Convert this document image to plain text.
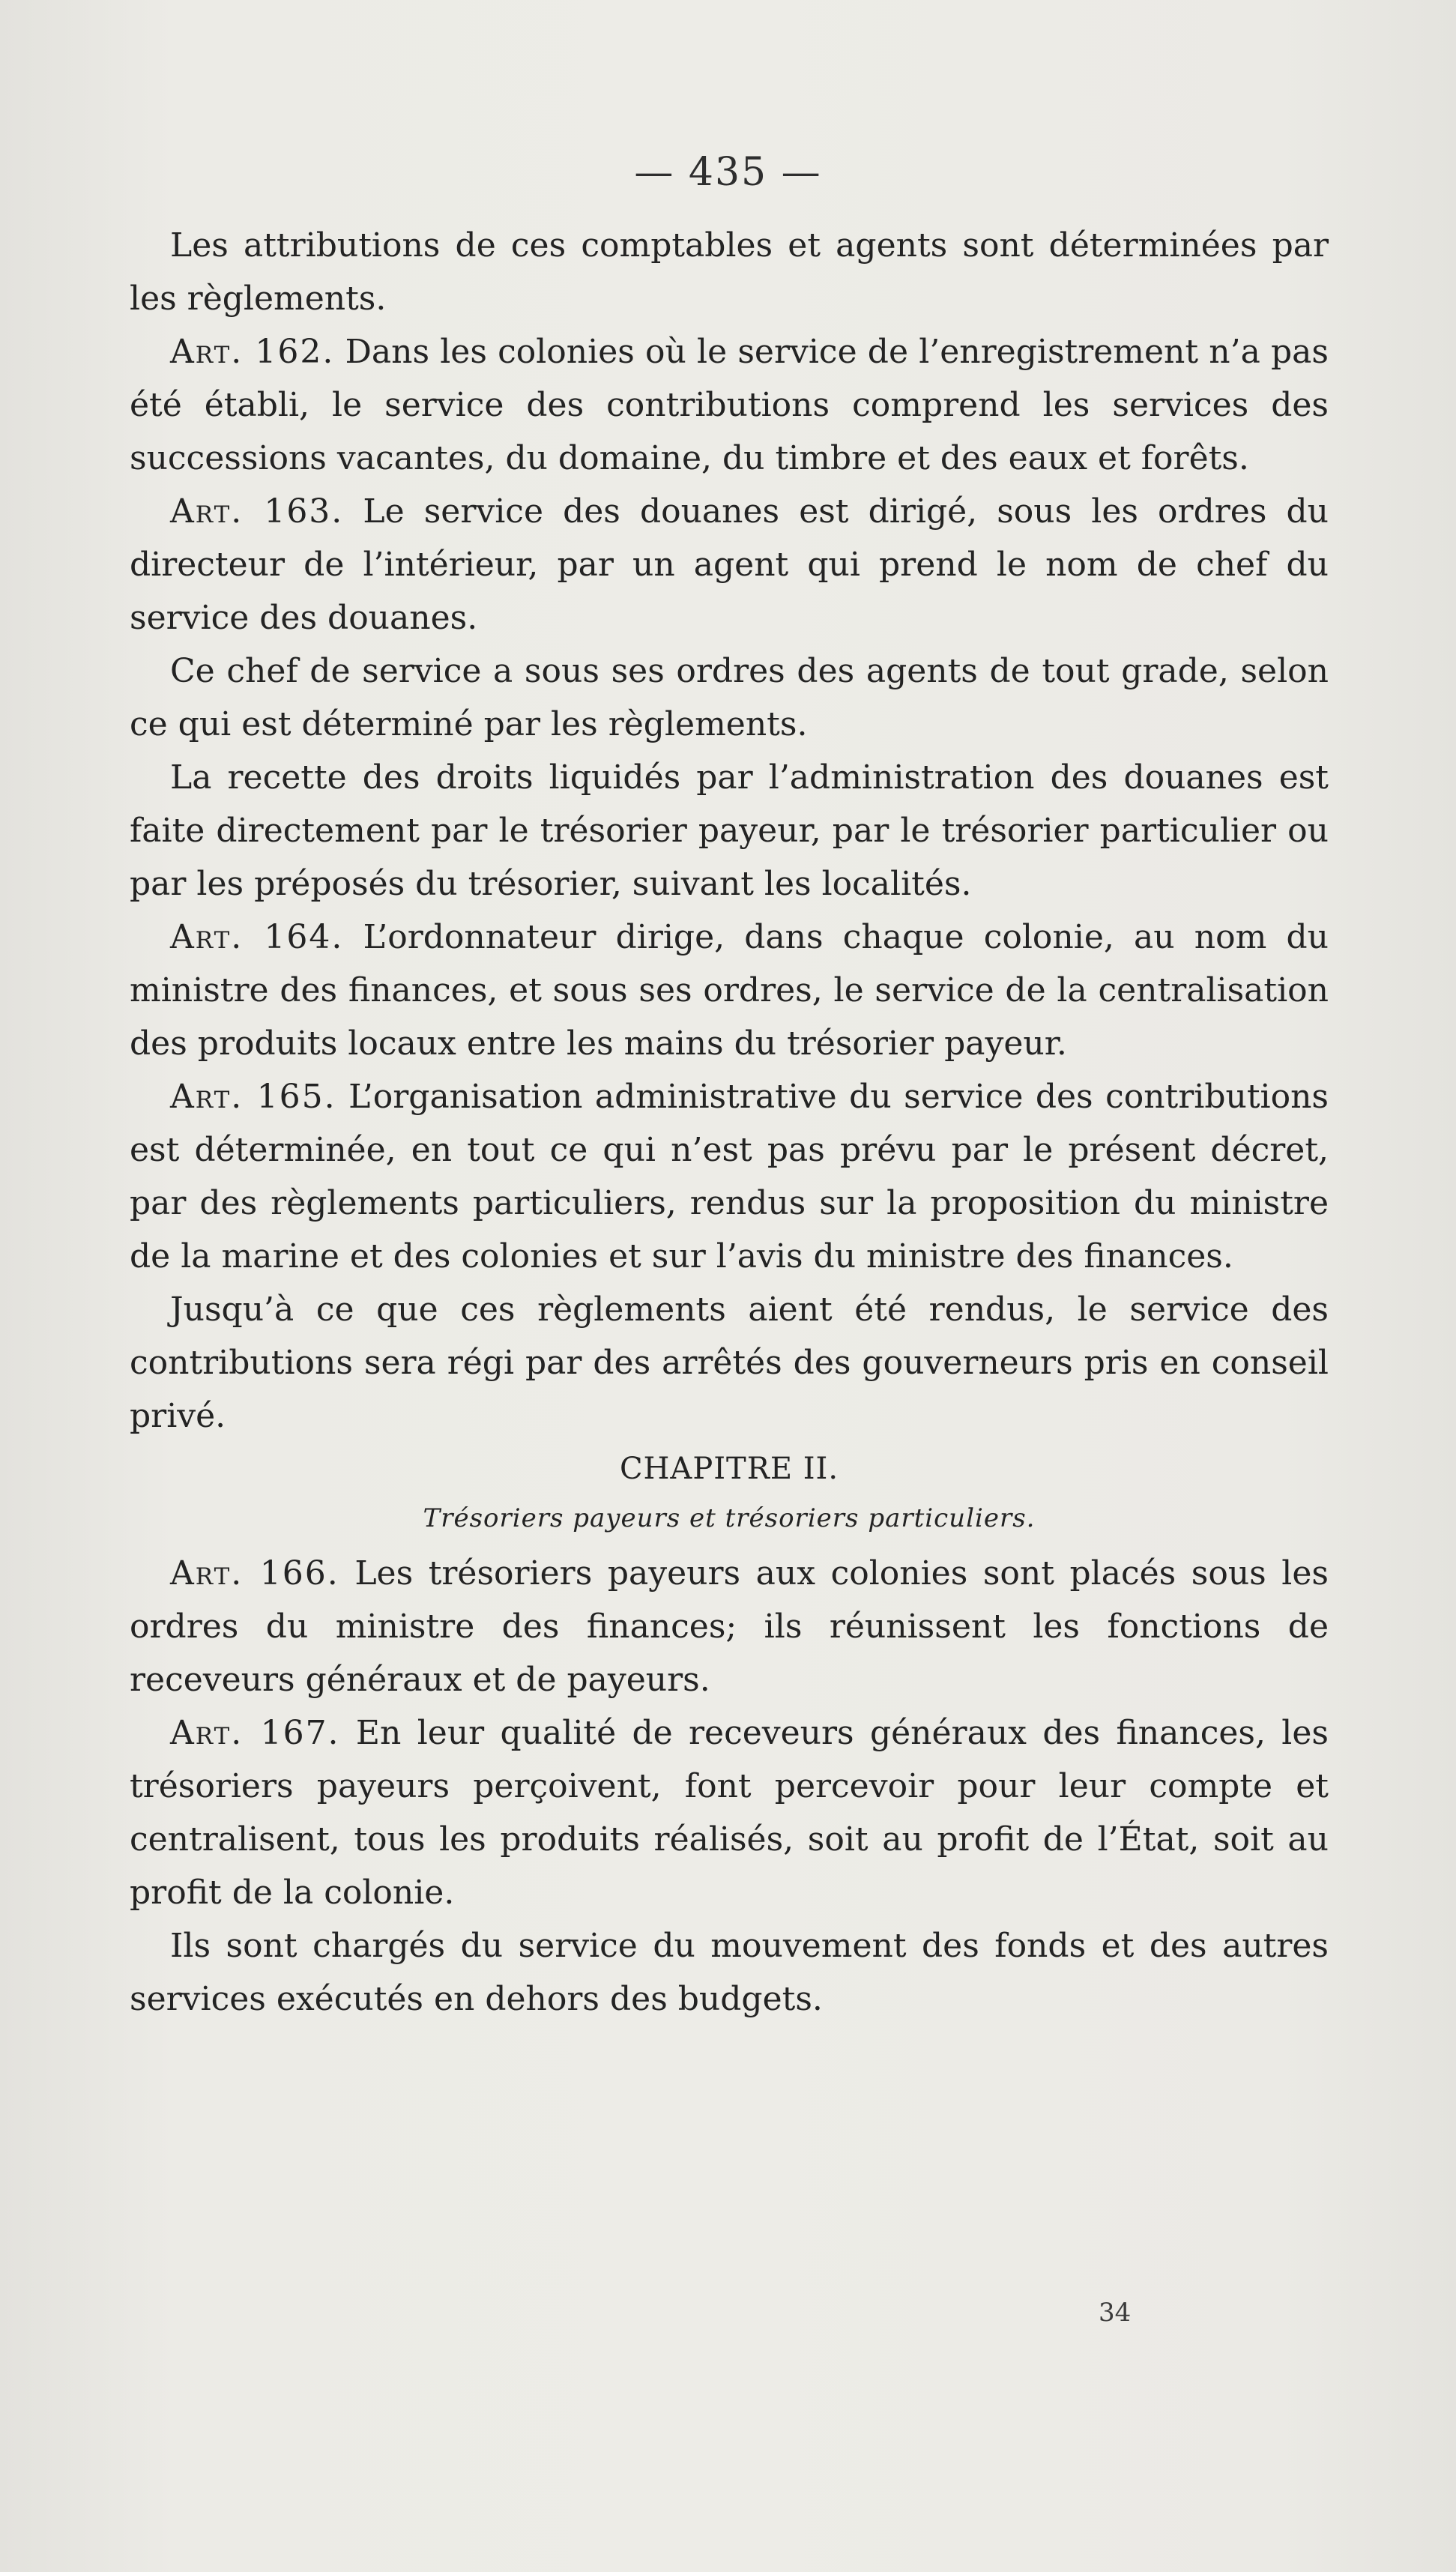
— 435 —

Les attributions de ces comptables et agents sont déterminées par les règlements.

Art. 162. Dans les colonies où le service de l’enregistrement n’a pas été établi, le service des contributions comprend les services des successions vacantes, du domaine, du timbre et des eaux et forêts.

Art. 163. Le service des douanes est dirigé, sous les ordres du directeur de l’intérieur, par un agent qui prend le nom de chef du service des douanes.

Ce chef de service a sous ses ordres des agents de tout grade, selon ce qui est déterminé par les règlements.

La recette des droits liquidés par l’administration des douanes est faite directement par le trésorier payeur, par le trésorier particulier ou par les préposés du trésorier, suivant les localités.

Art. 164. L’ordonnateur dirige, dans chaque colonie, au nom du ministre des finances, et sous ses ordres, le service de la centralisation des produits locaux entre les mains du trésorier payeur.

Art. 165. L’organisation administrative du service des contributions est déterminée, en tout ce qui n’est pas prévu par le présent décret, par des règlements particuliers, rendus sur la proposition du ministre de la marine et des colonies et sur l’avis du ministre des finances.

Jusqu’à ce que ces règlements aient été rendus, le service des contributions sera régi par des arrêtés des gouverneurs pris en conseil privé.

CHAPITRE II.

Trésoriers payeurs et trésoriers particuliers.

Art. 166. Les trésoriers payeurs aux colonies sont placés sous les ordres du ministre des finances; ils réunissent les fonctions de receveurs généraux et de payeurs.

Art. 167. En leur qualité de receveurs généraux des finances, les trésoriers payeurs perçoivent, font percevoir pour leur compte et centralisent, tous les produits réalisés, soit au profit de l’État, soit au profit de la colonie.

Ils sont chargés du service du mouvement des fonds et des autres services exécutés en dehors des budgets.

34
